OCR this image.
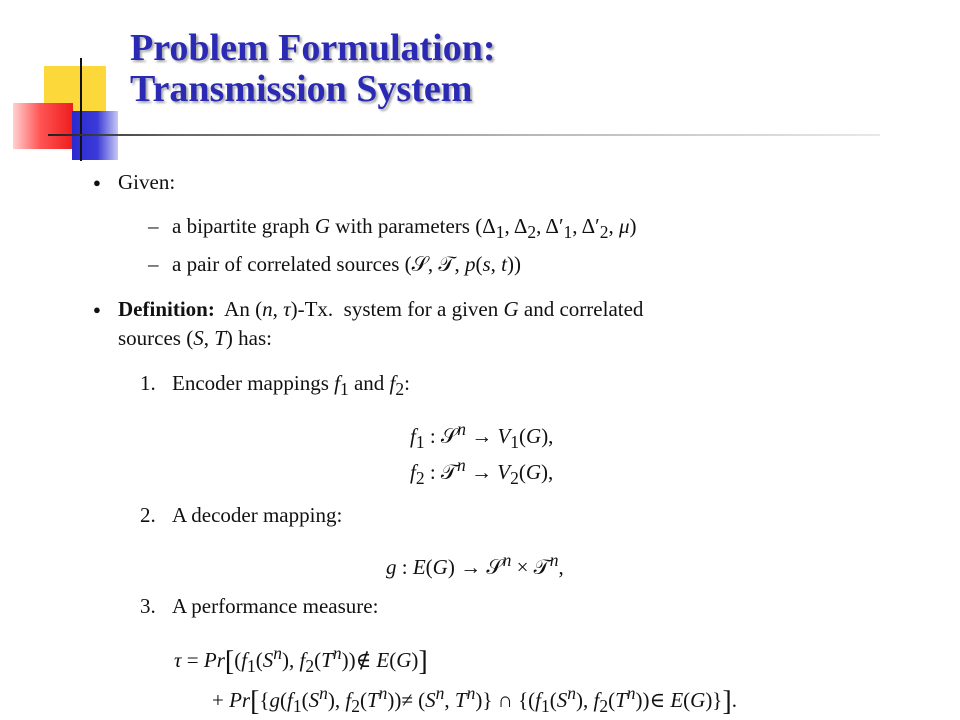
Problem Formulation:
Transmission System
● Given:
– a bipartite graph G with parameters ($\Delta_1$, $\Delta_2$, $\Delta'_1$, $\Delta'_2$, μ)
– a pair of correlated sources (𝒮, 𝒯, p(s, t))
● Definition:  An (n, τ)-Tx.  system for a given G and correlated
sources (S, T) has:
1. Encoder mappings $f_1$ and $f_2$:
$f_1$ : 𝒮$^n$ → $V_1(G)$,
$f_2$ : 𝒯$^n$ → $V_2(G)$,
2. A decoder mapping:
g : E(G) → 𝒮$^n$ × 𝒯$^n$,
3. A performance measure:
$\tau = Pr[(f_1(S^n)$, $f_2(T^n))\notin$ E(G)]
+ $Pr[\{g(f_1(S^n)$, $f_2(T^n))\ne (S^n$, $T^n$)} ∩ {($f_1(S^n)$, $f_2(T^n))\in$ E(G)}].
